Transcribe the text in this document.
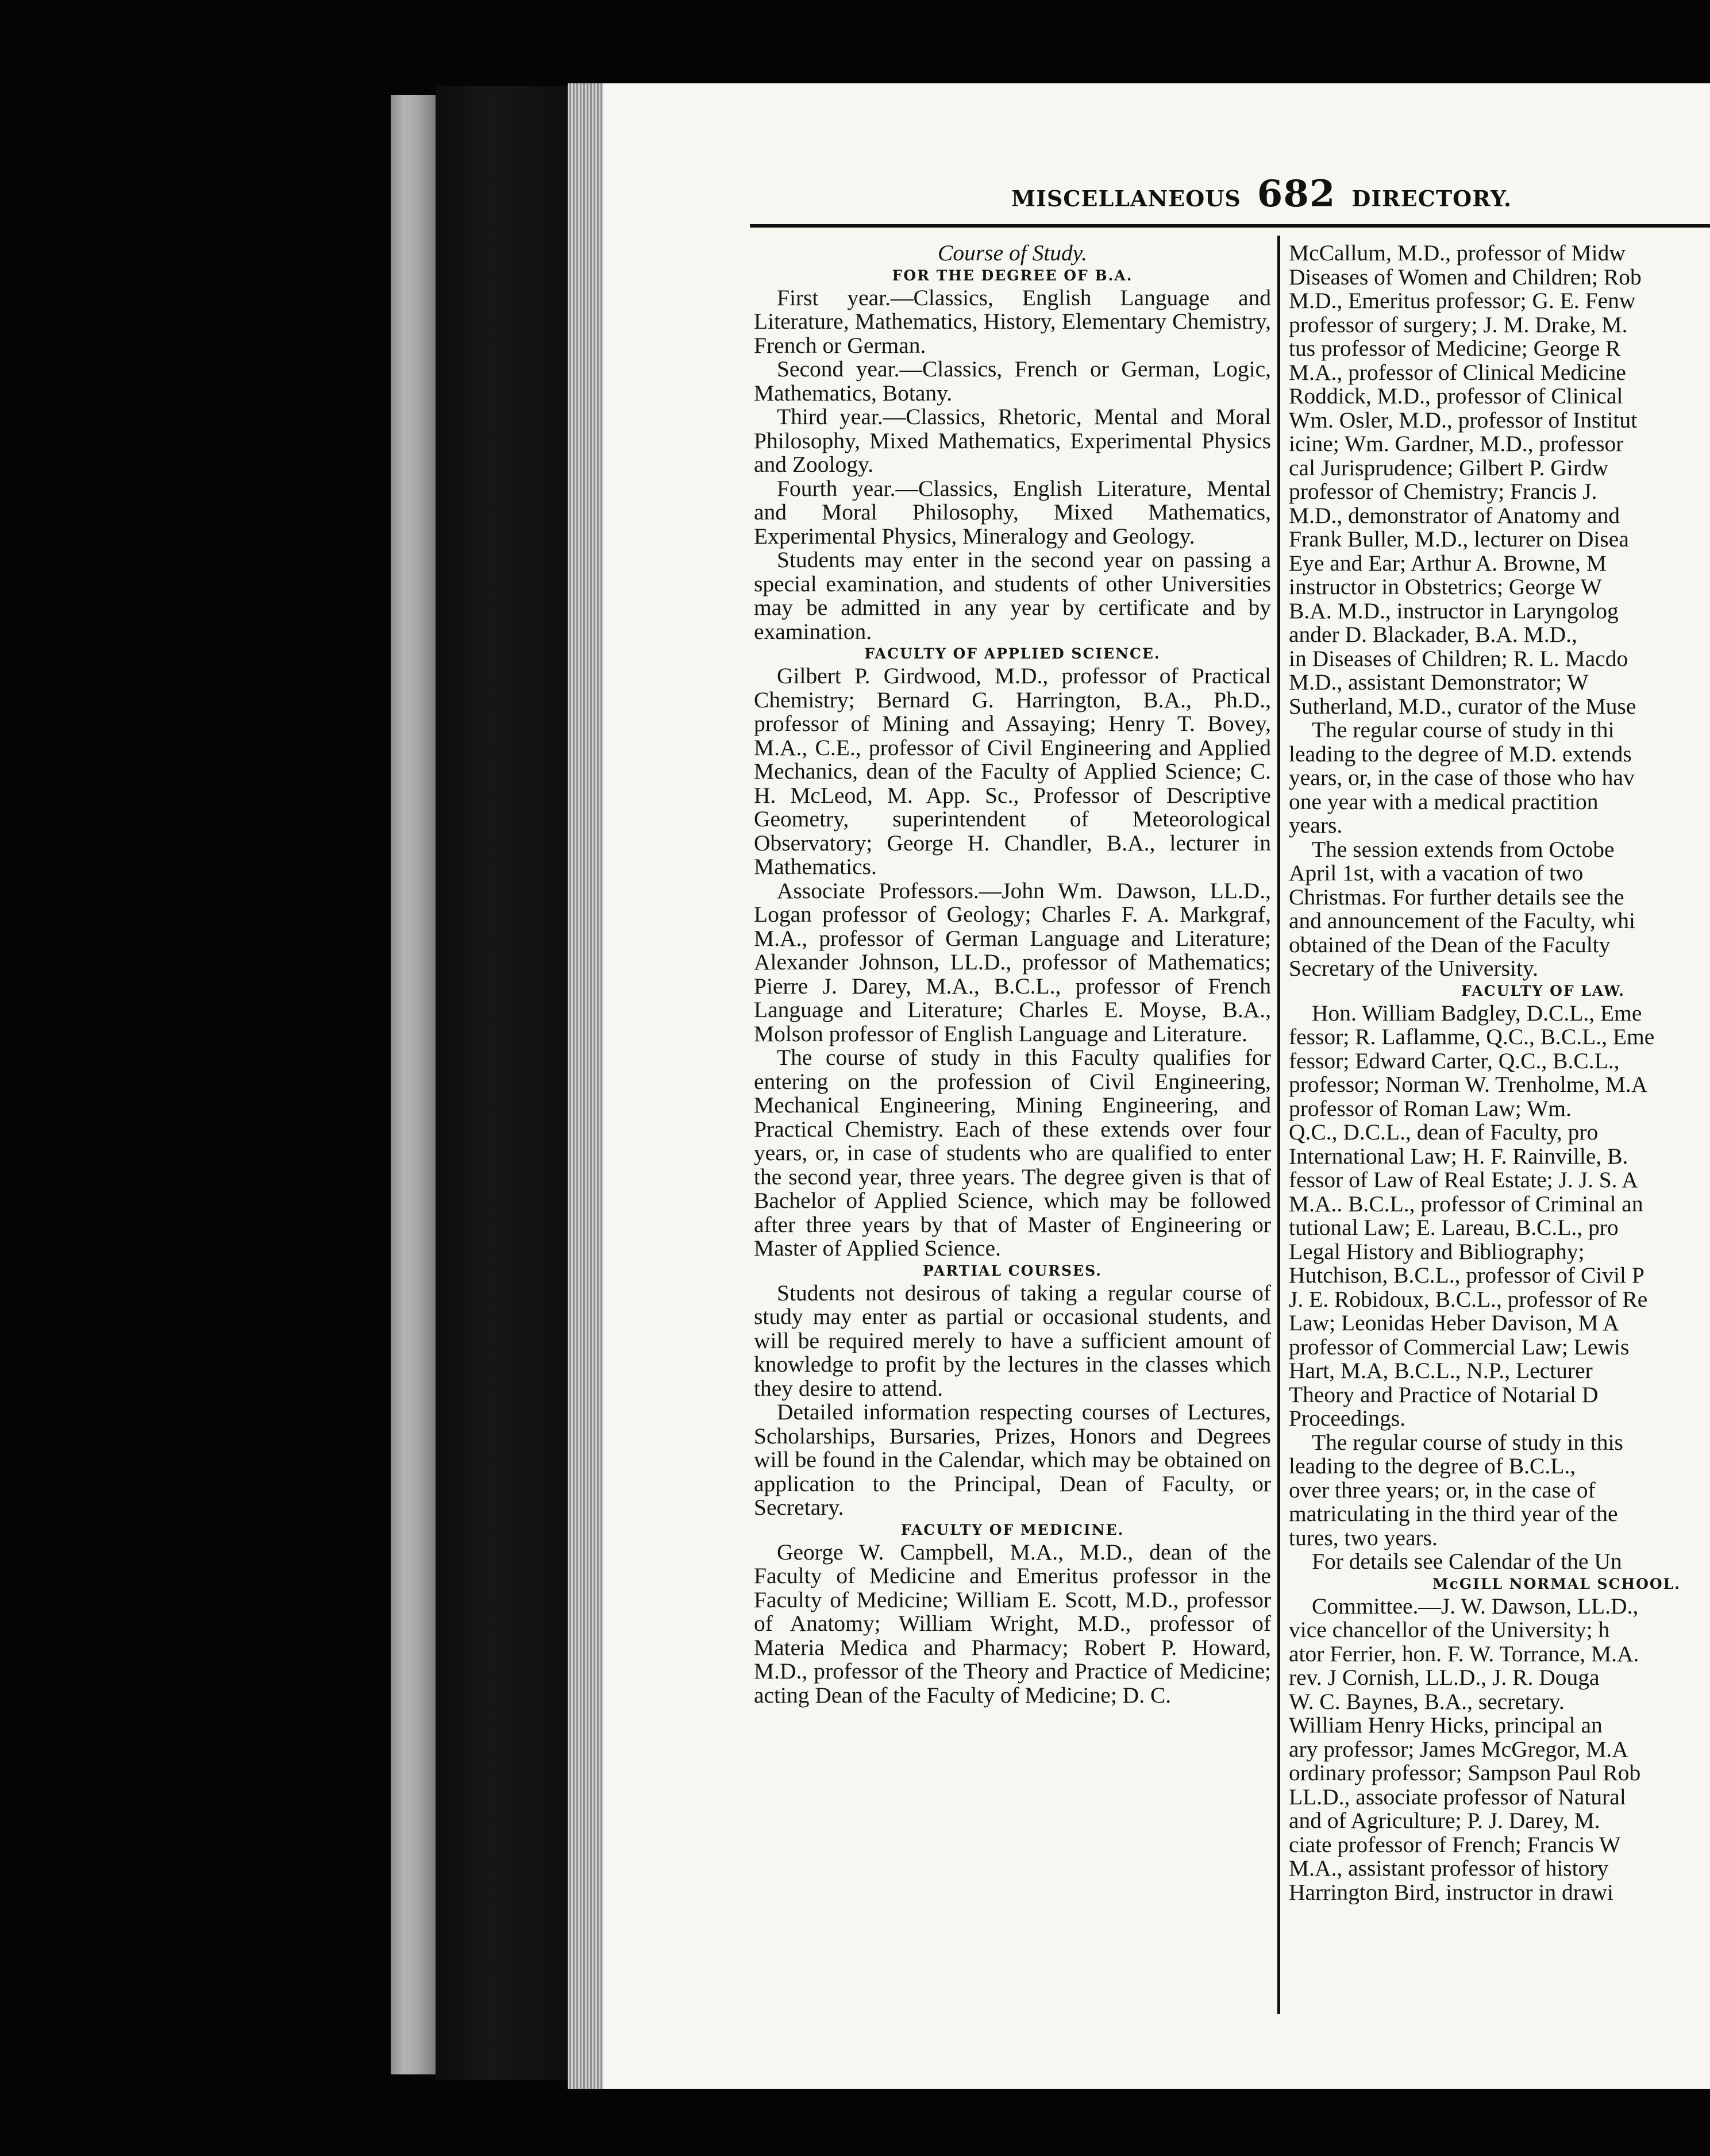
MISCELLANEOUS 682 DIRECTORY.

Course of Study.

FOR THE DEGREE OF B.A.

First year.—Classics, English Language and Literature, Mathematics, History, Elementary Chemistry, French or German.

Second year.—Classics, French or German, Logic, Mathematics, Botany.

Third year.—Classics, Rhetoric, Mental and Moral Philosophy, Mixed Mathematics, Experimental Physics and Zoology.

Fourth year.—Classics, English Literature, Mental and Moral Philosophy, Mixed Mathematics, Experimental Physics, Mineralogy and Geology.

Students may enter in the second year on passing a special examination, and students of other Universities may be admitted in any year by certificate and by examination.

FACULTY OF APPLIED SCIENCE.

Gilbert P. Girdwood, M.D., professor of Practical Chemistry; Bernard G. Harrington, B.A., Ph.D., professor of Mining and Assaying; Henry T. Bovey, M.A., C.E., professor of Civil Engineering and Applied Mechanics, dean of the Faculty of Applied Science; C. H. McLeod, M. App. Sc., Professor of Descriptive Geometry, superintendent of Meteorological Observatory; George H. Chandler, B.A., lecturer in Mathematics.

Associate Professors.—John Wm. Dawson, LL.D., Logan professor of Geology; Charles F. A. Markgraf, M.A., professor of German Language and Literature; Alexander Johnson, LL.D., professor of Mathematics; Pierre J. Darey, M.A., B.C.L., professor of French Language and Literature; Charles E. Moyse, B.A., Molson professor of English Language and Literature.

The course of study in this Faculty qualifies for entering on the profession of Civil Engineering, Mechanical Engineering, Mining Engineering, and Practical Chemistry. Each of these extends over four years, or, in case of students who are qualified to enter the second year, three years. The degree given is that of Bachelor of Applied Science, which may be followed after three years by that of Master of Engineering or Master of Applied Science.

PARTIAL COURSES.

Students not desirous of taking a regular course of study may enter as partial or occasional students, and will be required merely to have a sufficient amount of knowledge to profit by the lectures in the classes which they desire to attend.

Detailed information respecting courses of Lectures, Scholarships, Bursaries, Prizes, Honors and Degrees will be found in the Calendar, which may be obtained on application to the Principal, Dean of Faculty, or Secretary.

FACULTY OF MEDICINE.

George W. Campbell, M.A., M.D., dean of the Faculty of Medicine and Emeritus professor in the Faculty of Medicine; William E. Scott, M.D., professor of Anatomy; William Wright, M.D., professor of Materia Medica and Pharmacy; Robert P. Howard, M.D., professor of the Theory and Practice of Medicine; acting Dean of the Faculty of Medicine; D. C.

McCallum, M.D., professor of Midw
Diseases of Women and Children; Rob
M.D., Emeritus professor; G. E. Fenw
professor of surgery; J. M. Drake, M.
tus professor of Medicine; George R
M.A., professor of Clinical Medicine
Roddick, M.D., professor of Clinical
Wm. Osler, M.D., professor of Institut
icine; Wm. Gardner, M.D., professor
cal Jurisprudence; Gilbert P. Girdw
professor of Chemistry; Francis J.
M.D., demonstrator of Anatomy and
Frank Buller, M.D., lecturer on Disea
Eye and Ear; Arthur A. Browne, M
instructor in Obstetrics; George W
B.A. M.D., instructor in Laryngolog
ander D. Blackader, B.A. M.D.,
in Diseases of Children; R. L. Macdo
M.D., assistant Demonstrator; W
Sutherland, M.D., curator of the Muse
The regular course of study in thi
leading to the degree of M.D. extends
years, or, in the case of those who hav
one year with a medical practition
years.
The session extends from Octobe
April 1st, with a vacation of two
Christmas. For further details see the
and announcement of the Faculty, whi
obtained of the Dean of the Faculty
Secretary of the University.

FACULTY OF LAW.

Hon. William Badgley, D.C.L., Eme
fessor; R. Laflamme, Q.C., B.C.L., Eme
fessor; Edward Carter, Q.C., B.C.L.,
professor; Norman W. Trenholme, M.A
professor of Roman Law; Wm.
Q.C., D.C.L., dean of Faculty, pro
International Law; H. F. Rainville, B.
fessor of Law of Real Estate; J. J. S. A
M.A.. B.C.L., professor of Criminal an
tutional Law; E. Lareau, B.C.L., pro
Legal History and Bibliography;
Hutchison, B.C.L., professor of Civil P
J. E. Robidoux, B.C.L., professor of Re
Law; Leonidas Heber Davison, M A
professor of Commercial Law; Lewis
Hart, M.A, B.C.L., N.P., Lecturer
Theory and Practice of Notarial D
Proceedings.
The regular course of study in this
leading to the degree of B.C.L.,
over three years; or, in the case of
matriculating in the third year of the
tures, two years.

For details see Calendar of the Un

McGILL NORMAL SCHOOL.

Committee.—J. W. Dawson, LL.D.,
vice chancellor of the University; h
ator Ferrier, hon. F. W. Torrance, M.A.
rev. J Cornish, LL.D., J. R. Douga
W. C. Baynes, B.A., secretary.
William Henry Hicks, principal an
ary professor; James McGregor, M.A
ordinary professor; Sampson Paul Rob
LL.D., associate professor of Natural
and of Agriculture; P. J. Darey, M.
ciate professor of French; Francis W
M.A., assistant professor of history
Harrington Bird, instructor in drawi
